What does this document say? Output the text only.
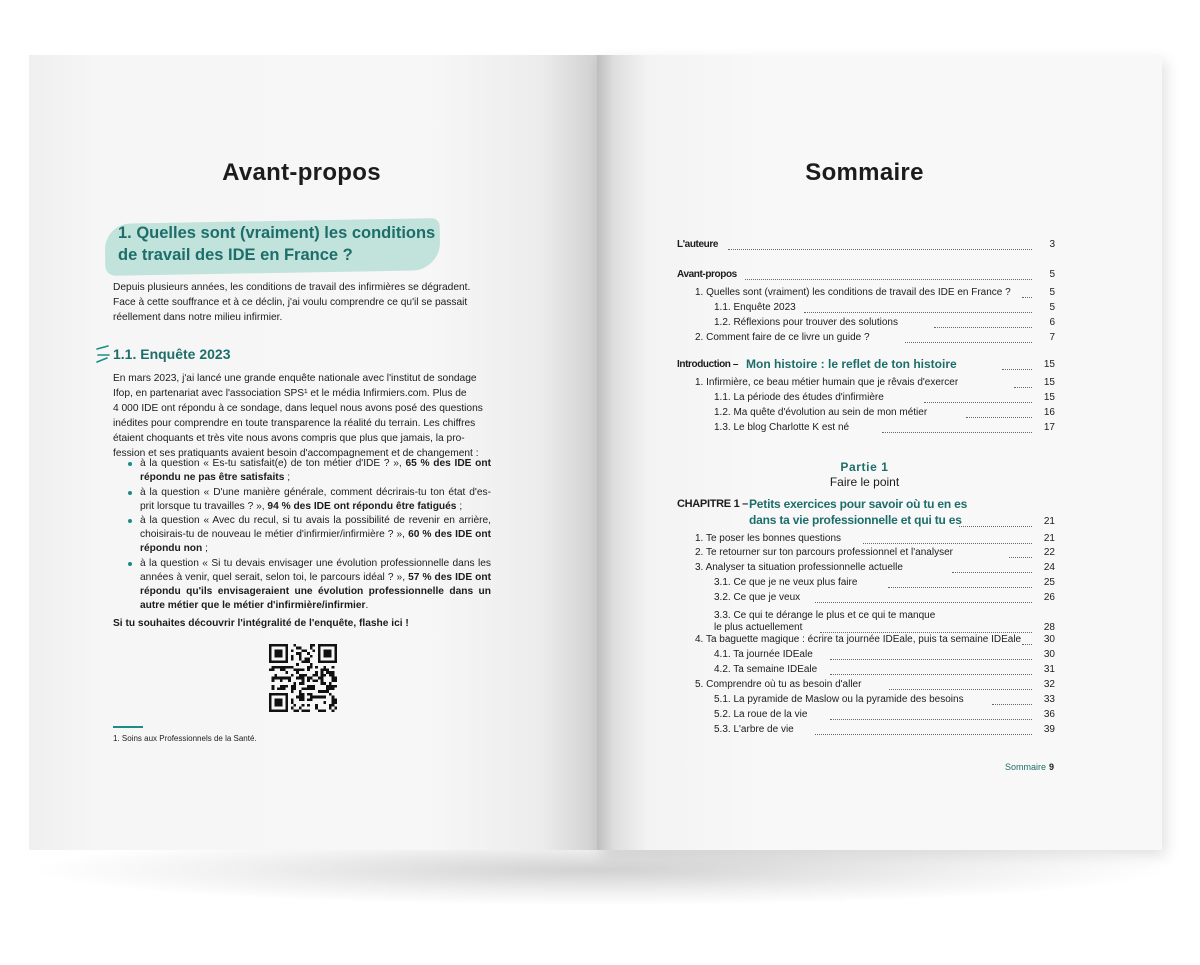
Avant-propos
1. Quelles sont (vraiment) les conditions
de travail des IDE en France ?
Depuis plusieurs années, les conditions de travail des infirmières se dégradent.
Face à cette souffrance et à ce déclin, j'ai voulu comprendre ce qu'il se passait
réellement dans notre milieu infirmier.
1.1. Enquête 2023
En mars 2023, j'ai lancé une grande enquête nationale avec l'institut de sondage
Ifop, en partenariat avec l'association SPS¹ et le média Infirmiers.com. Plus de
4 000 IDE ont répondu à ce sondage, dans lequel nous avons posé des questions
inédites pour comprendre en toute transparence la réalité du terrain. Les chiffres
étaient choquants et très vite nous avons compris que plus que jamais, la pro-
fession et ses pratiquants avaient besoin d'accompagnement et de changement :
à la question « Es-tu satisfait(e) de ton métier d'IDE ? », 65 % des IDE ont répondu ne pas être satisfaits ;
à la question « D'une manière générale, comment décrirais-tu ton état d'es-prit lorsque tu travailles ? », 94 % des IDE ont répondu être fatigués ;
à la question « Avec du recul, si tu avais la possibilité de revenir en arrière, choisirais-tu de nouveau le métier d'infirmier/infirmière ? », 60 % des IDE ont répondu non ;
à la question « Si tu devais envisager une évolution professionnelle dans les années à venir, quel serait, selon toi, le parcours idéal ? », 57 % des IDE ont répondu qu'ils envisageraient une évolution professionnelle dans un autre métier que le métier d'infirmière/infirmier.
Si tu souhaites découvrir l'intégralité de l'enquête, flashe ici !
1. Soins aux Professionnels de la Santé.
Sommaire
L'auteure	3
Avant-propos	5
1. Quelles sont (vraiment) les conditions de travail des IDE en France ?	5
1.1. Enquête 2023	5
1.2. Réflexions pour trouver des solutions	6
2. Comment faire de ce livre un guide ?	7
Introduction – Mon histoire : le reflet de ton histoire	15
1. Infirmière, ce beau métier humain que je rêvais d'exercer	15
1.1. La période des études d'infirmière	15
1.2. Ma quête d'évolution au sein de mon métier	16
1.3. Le blog Charlotte K est né	17
Partie 1
Faire le point
CHAPITRE 1 – Petits exercices pour savoir où tu en es
dans ta vie professionnelle et qui tu es	21
1. Te poser les bonnes questions	21
2. Te retourner sur ton parcours professionnel et l'analyser	22
3. Analyser ta situation professionnelle actuelle	24
3.1. Ce que je ne veux plus faire	25
3.2. Ce que je veux	26
3.3. Ce qui te dérange le plus et ce qui te manque
le plus actuellement	28
4. Ta baguette magique : écrire ta journée IDEale, puis ta semaine IDEale	30
4.1. Ta journée IDEale	30
4.2. Ta semaine IDEale	31
5. Comprendre où tu as besoin d'aller	32
5.1. La pyramide de Maslow ou la pyramide des besoins	33
5.2. La roue de la vie	36
5.3. L'arbre de vie	39
Sommaire 9
